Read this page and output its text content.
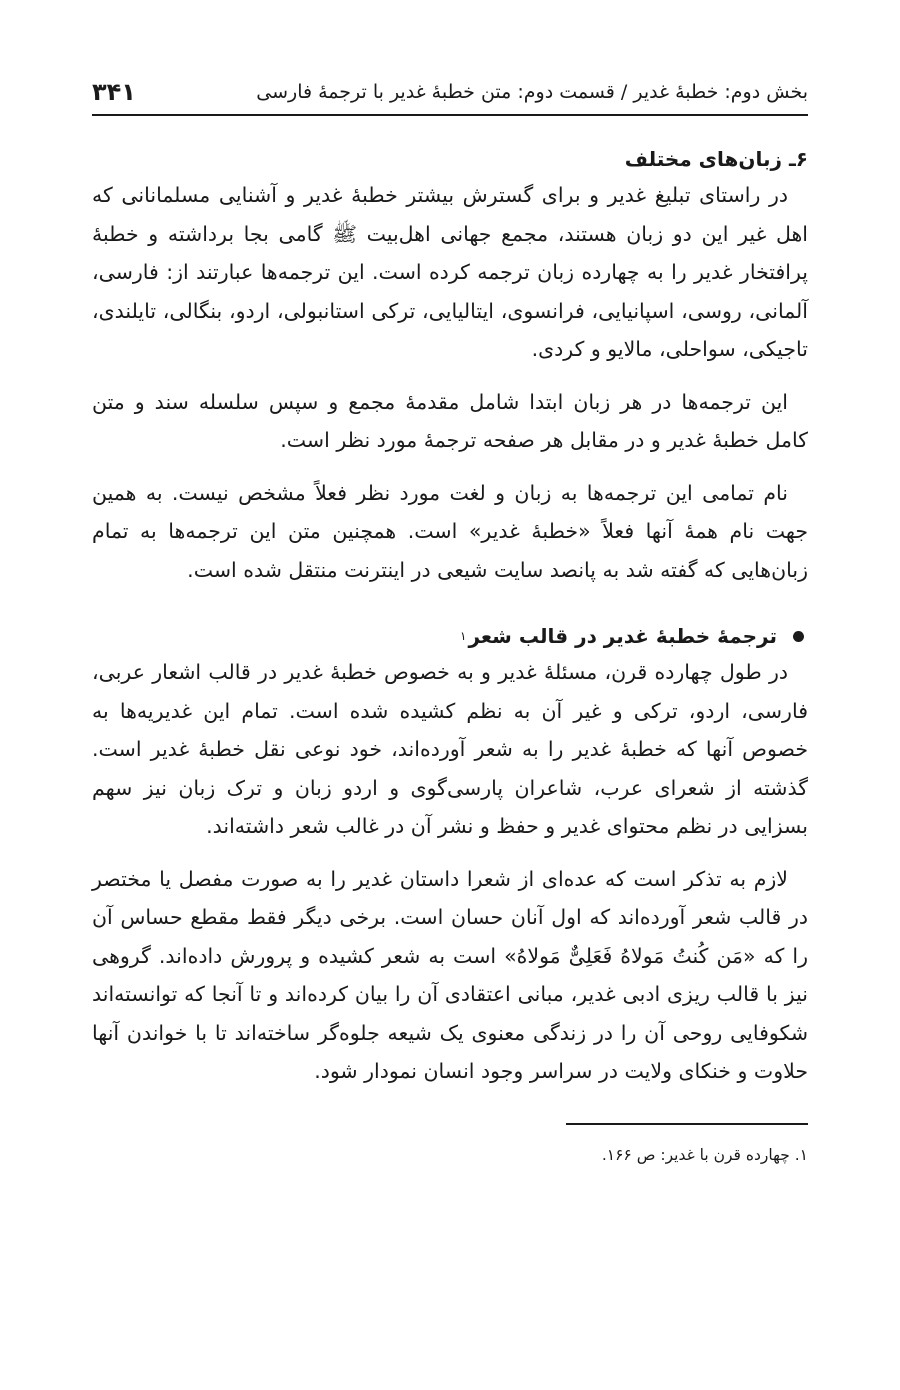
بخش دوم: خطبهٔ غدیر / قسمت دوم: متن خطبهٔ غدیر با ترجمهٔ فارسی
۳۴۱
۶ـ زبان‌های مختلف

در راستای تبلیغ غدیر و برای گسترش بیشتر خطبهٔ غدیر و آشنایی مسلمانانی که اهل غیر این دو زبان هستند، مجمع جهانی اهل‌بیت ﷺ گامی بجا برداشته و خطبهٔ پرافتخار غدیر را به چهارده زبان ترجمه کرده است. این ترجمه‌ها عبارتند از: فارسی، آلمانی، روسی، اسپانیایی، فرانسوی، ایتالیایی، ترکی استانبولی، اردو، بنگالی، تایلندی، تاجیکی، سواحلی، مالایو و کردی.

این ترجمه‌ها در هر زبان ابتدا شامل مقدمهٔ مجمع و سپس سلسله سند و متن کامل خطبهٔ غدیر و در مقابل هر صفحه ترجمهٔ مورد نظر است.

نام تمامی این ترجمه‌ها به زبان و لغت مورد نظر فعلاً مشخص نیست. به همین جهت نام همهٔ آنها فعلاً «خطبهٔ غدیر» است. همچنین متن این ترجمه‌ها به تمام زبان‌هایی که گفته شد به پانصد سایت شیعی در اینترنت منتقل شده است.

ترجمهٔ خطبهٔ غدیر در قالب شعر
۱

در طول چهارده قرن، مسئلهٔ غدیر و به خصوص خطبهٔ غدیر در قالب اشعار عربی، فارسی، اردو، ترکی و غیر آن به نظم کشیده شده است. تمام این غدیریه‌ها به خصوص آنها که خطبهٔ غدیر را به شعر آورده‌اند، خود نوعی نقل خطبهٔ غدیر است. گذشته از شعرای عرب، شاعران پارسی‌گوی و اردو زبان و ترک زبان نیز سهم بسزایی در نظم محتوای غدیر و حفظ و نشر آن در غالب شعر داشته‌اند.

لازم به تذکر است که عده‌ای از شعرا داستان غدیر را به صورت مفصل یا مختصر در قالب شعر آورده‌اند که اول آنان حسان است. برخی دیگر فقط مقطع حساس آن را که «مَن کُنتُ مَولاهُ فَعَلِیٌّ مَولاهُ» است به شعر کشیده و پرورش داده‌اند. گروهی نیز با قالب ریزی ادبی غدیر، مبانی اعتقادی آن را بیان کرده‌اند و تا آنجا که توانسته‌اند شکوفایی روحی آن را در زندگی معنوی یک شیعه جلوه‌گر ساخته‌اند تا با خواندن آنها حلاوت و خنکای ولایت در سراسر وجود انسان نمودار شود.

۱. چهارده قرن با غدیر: ص ۱۶۶.
